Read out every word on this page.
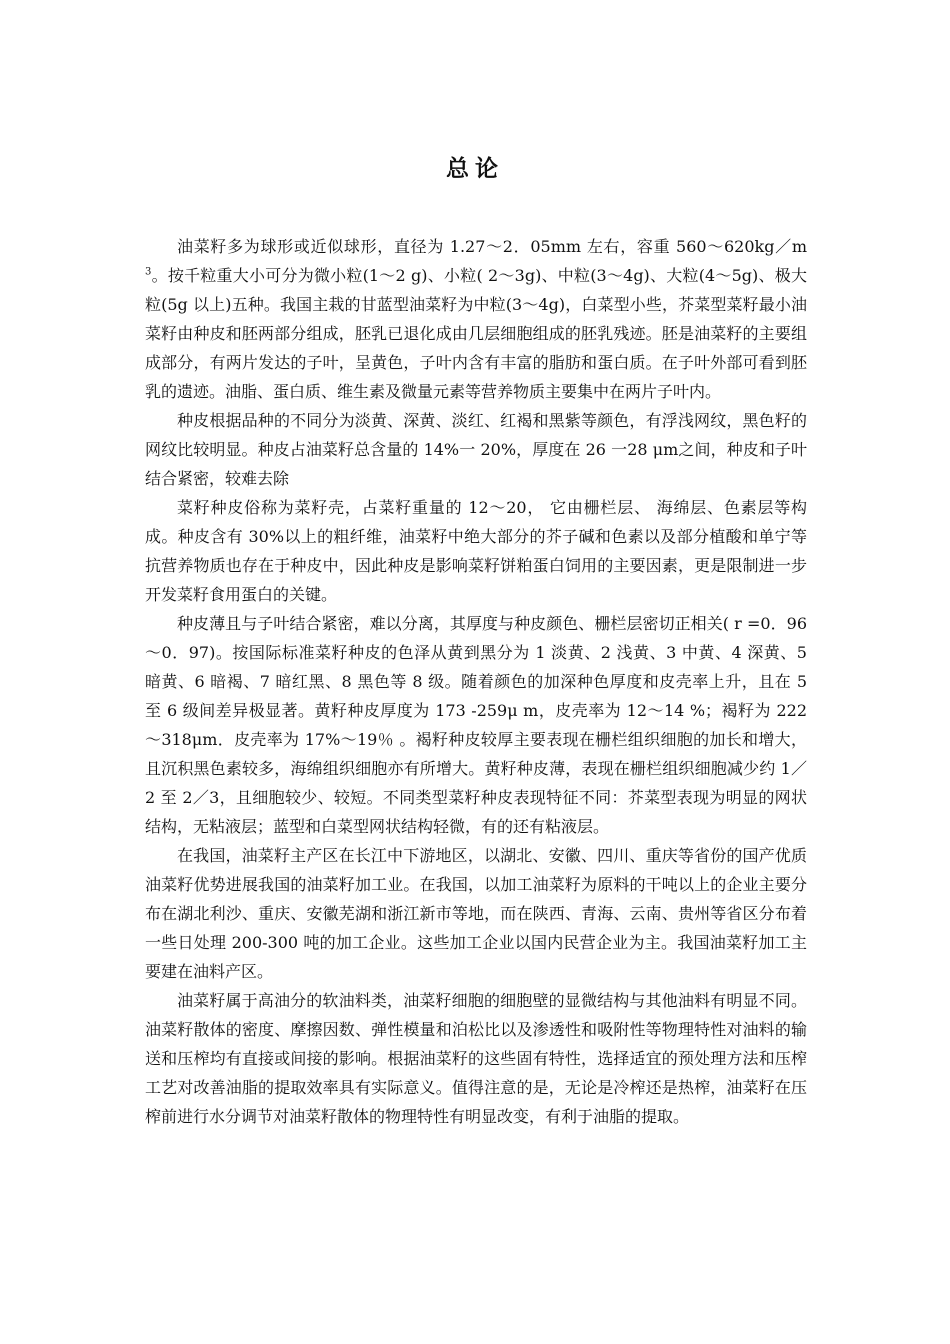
总论

油菜籽多为球形或近似球形，直径为 1.27～2．05mm 左右，容重 $560\sim 620kg/m^3$。按千粒重大小可分为微小粒(1～2 g)、小粒( 2～3g)、中粒(3～4g)、大粒(4～5g)、极大粒(5g 以上)五种。我国主栽的甘蓝型油菜籽为中粒(3～4g)，白菜型小些，芥菜型菜籽最小油菜籽由种皮和胚两部分组成，胚乳已退化成由几层细胞组成的胚乳残迹。胚是油菜籽的主要组成部分，有两片发达的子叶，呈黄色，子叶内含有丰富的脂肪和蛋白质。在子叶外部可看到胚乳的遗迹。油脂、蛋白质、维生素及微量元素等营养物质主要集中在两片子叶内。

种皮根据品种的不同分为淡黄、深黄、淡红、红褐和黑紫等颜色，有浮浅网纹，黑色籽的网纹比较明显。种皮占油菜籽总含量的 14%一 20%，厚度在 26 一28 μm之间，种皮和子叶结合紧密，较难去除

菜籽种皮俗称为菜籽壳，占菜籽重量的 12～20， 它由栅栏层、 海绵层、色素层等构成。种皮含有 30%以上的粗纤维，油菜籽中绝大部分的芥子碱和色素以及部分植酸和单宁等抗营养物质也存在于种皮中，因此种皮是影响菜籽饼粕蛋白饲用的主要因素，更是限制进一步开发菜籽食用蛋白的关键。

种皮薄且与子叶结合紧密，难以分离，其厚度与种皮颜色、栅栏层密切正相关( r =0．96～0．97)。按国际标准菜籽种皮的色泽从黄到黑分为 1 淡黄、2 浅黄、3 中黄、4 深黄、5 暗黄、6 暗褐、7 暗红黑、8 黑色等 8 级。随着颜色的加深种色厚度和皮壳率上升，且在 5 至 6 级间差异极显著。黄籽种皮厚度为 173 -259μ m，皮壳率为 12～14 %；褐籽为 222 ～318μm．皮壳率为 17%～19％ 。褐籽种皮较厚主要表现在栅栏组织细胞的加长和增大，且沉积黑色素较多，海绵组织细胞亦有所增大。黄籽种皮薄，表现在栅栏组织细胞减少约 1／2 至 2／3，且细胞较少、较短。不同类型菜籽种皮表现特征不同：芥菜型表现为明显的网状结构，无粘液层；蓝型和白菜型网状结构轻微，有的还有粘液层。

在我国，油菜籽主产区在长江中下游地区，以湖北、安徽、四川、重庆等省份的国产优质油菜籽优势进展我国的油菜籽加工业。在我国，以加工油菜籽为原料的干吨以上的企业主要分布在湖北利沙、重庆、安徽芜湖和浙江新市等地，而在陕西、青海、云南、贵州等省区分布着一些日处理 200-300 吨的加工企业。这些加工企业以国内民营企业为主。我国油菜籽加工主要建在油料产区。

油菜籽属于高油分的软油料类，油菜籽细胞的细胞壁的显微结构与其他油料有明显不同。油菜籽散体的密度、摩擦因数、弹性模量和泊松比以及渗透性和吸附性等物理特性对油料的输送和压榨均有直接或间接的影响。根据油菜籽的这些固有特性，选择适宜的预处理方法和压榨工艺对改善油脂的提取效率具有实际意义。值得注意的是，无论是冷榨还是热榨，油菜籽在压榨前进行水分调节对油菜籽散体的物理特性有明显改变，有利于油脂的提取。
